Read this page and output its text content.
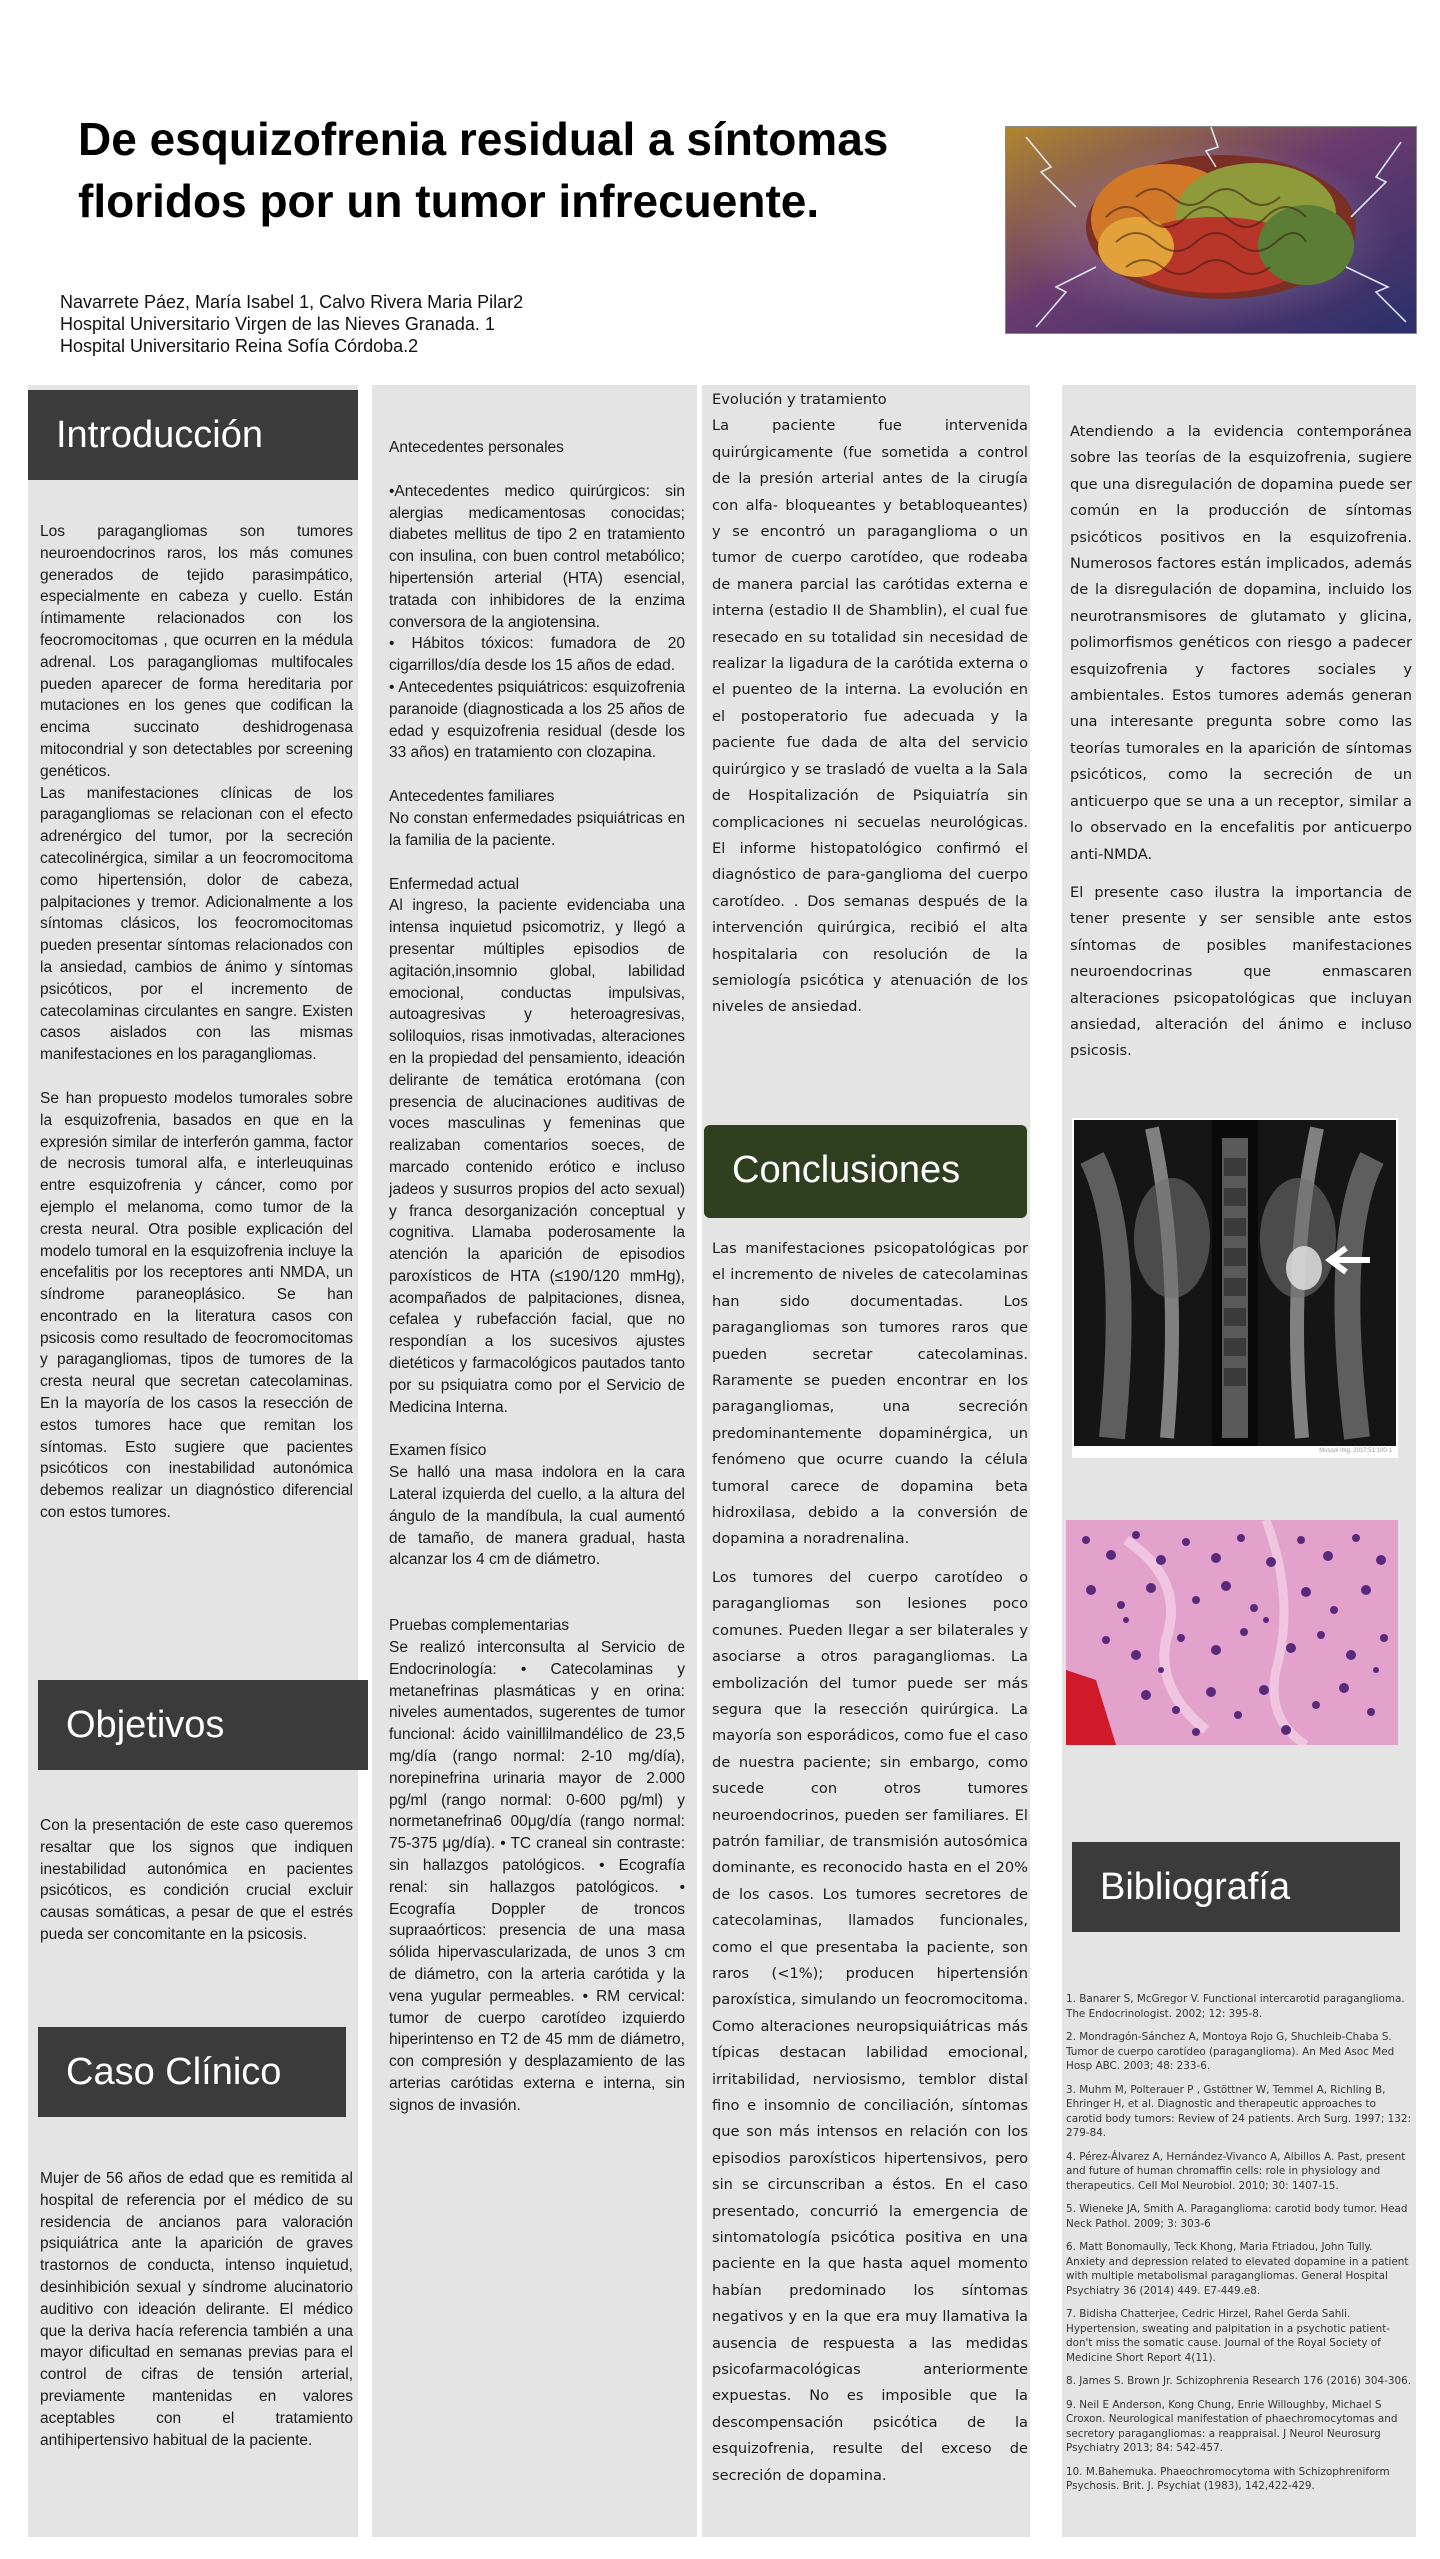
De esquizofrenia residual a síntomas
floridos por un tumor infrecuente.
Navarrete Páez, María Isabel 1, Calvo Rivera Maria Pilar2
Hospital Universitario Virgen de las Nieves Granada. 1
Hospital Universitario Reina Sofía Córdoba.2
Introducción

Los paragangliomas son tumores neuroendocrinos raros, los más comunes generados de tejido parasimpático, especialmente en cabeza y cuello. Están íntimamente relacionados con los feocromocitomas , que ocurren en la médula adrenal. Los paragangliomas multifocales pueden aparecer de forma hereditaria por mutaciones en los genes que codifican la encima succinato deshidrogenasa mitocondrial y son detectables por screening genéticos.

Las manifestaciones clínicas de los paragangliomas se relacionan con el efecto adrenérgico del tumor, por la secreción catecolinérgica, similar a un feocromocitoma como hipertensión, dolor de cabeza, palpitaciones y tremor. Adicionalmente a los síntomas clásicos, los feocromocitomas pueden presentar síntomas relacionados con la ansiedad, cambios de ánimo y síntomas psicóticos, por el incremento de catecolaminas circulantes en sangre. Existen casos aislados con las mismas manifestaciones en los paragangliomas.

Se han propuesto modelos tumorales sobre la esquizofrenia, basados en que en la expresión similar de interferón gamma, factor de necrosis tumoral alfa, e interleuquinas entre esquizofrenia y cáncer, como por ejemplo el melanoma, como tumor de la cresta neural. Otra posible explicación del modelo tumoral en la esquizofrenia incluye la encefalitis por los receptores anti NMDA, un síndrome paraneoplásico. Se han encontrado en la literatura casos con psicosis como resultado de feocromocitomas y paragangliomas, tipos de tumores de la cresta neural que secretan catecolaminas. En la mayoría de los casos la resección de estos tumores hace que remitan los síntomas. Esto sugiere que pacientes psicóticos con inestabilidad autonómica debemos realizar un diagnóstico diferencial con estos tumores.

Objetivos

Con la presentación de este caso queremos resaltar que los signos que indiquen inestabilidad autonómica en pacientes psicóticos, es condición crucial excluir causas somáticas, a pesar de que el estrés pueda ser concomitante en la psicosis.

Caso Clínico

Mujer de 56 años de edad que es remitida al hospital de referencia por el médico de su residencia de ancianos para valoración psiquiátrica ante la aparición de graves trastornos de conducta, intenso inquietud, desinhibición sexual y síndrome alucinatorio auditivo con ideación delirante. El médico que la deriva hacía referencia también a una mayor dificultad en semanas previas para el control de cifras de tensión arterial, previamente mantenidas en valores aceptables con el tratamiento antihipertensivo habitual de la paciente.

Antecedentes personales

•Antecedentes medico quirúrgicos: sin alergias medicamentosas conocidas; diabetes mellitus de tipo 2 en tratamiento con insulina, con buen control metabólico; hipertensión arterial (HTA) esencial, tratada con inhibidores de la enzima conversora de la angiotensina.

• Hábitos tóxicos: fumadora de 20 cigarrillos/día desde los 15 años de edad.

• Antecedentes psiquiátricos: esquizofrenia paranoide (diagnosticada a los 25 años de edad y esquizofrenia residual (desde los 33 años) en tratamiento con clozapina.

Antecedentes familiares

No constan enfermedades psiquiátricas en la familia de la paciente.

Enfermedad actual

Al ingreso, la paciente evidenciaba una intensa inquietud psicomotriz, y llegó a presentar múltiples episodios de agitación,insomnio global, labilidad emocional, conductas impulsivas, autoagresivas y heteroagresivas, soliloquios, risas inmotivadas, alteraciones en la propiedad del pensamiento, ideación delirante de temática erotómana (con presencia de alucinaciones auditivas de voces masculinas y femeninas que realizaban comentarios soeces, de marcado contenido erótico e incluso jadeos y susurros propios del acto sexual) y franca desorganización conceptual y cognitiva. Llamaba poderosamente la atención la aparición de episodios paroxísticos de HTA (≤190/120 mmHg), acompañados de palpitaciones, disnea, cefalea y rubefacción facial, que no respondían a los sucesivos ajustes dietéticos y farmacológicos pautados tanto por su psiquiatra como por el Servicio de Medicina Interna.

Examen físico

Se halló una masa indolora en la cara Lateral izquierda del cuello, a la altura del ángulo de la mandíbula, la cual aumentó de tamaño, de manera gradual, hasta alcanzar los 4 cm de diámetro.

Pruebas complementarias

Se realizó interconsulta al Servicio de Endocrinología: • Catecolaminas y metanefrinas plasmáticas y en orina: niveles aumentados, sugerentes de tumor funcional: ácido vainillilmandélico de 23,5 mg/día (rango normal: 2-10 mg/día), norepinefrina urinaria mayor de 2.000 pg/ml (rango normal: 0-600 pg/ml) y normetanefrina6 00μg/día (rango normal: 75-375 μg/día). • TC craneal sin contraste: sin hallazgos patológicos. • Ecografía renal: sin hallazgos patológicos. • Ecografía Doppler de troncos supraaórticos: presencia de una masa sólida hipervascularizada, de unos 3 cm de diámetro, con la arteria carótida y la vena yugular permeables. • RM cervical: tumor de cuerpo carotídeo izquierdo hiperintenso en T2 de 45 mm de diámetro, con compresión y desplazamiento de las arterias carótidas externa e interna, sin signos de invasión.

Evolución y tratamiento

La paciente fue intervenida quirúrgicamente (fue sometida a control de la presión arterial antes de la cirugía con alfa- bloqueantes y betabloqueantes) y se encontró un paraganglioma o un tumor de cuerpo carotídeo, que rodeaba de manera parcial las carótidas externa e interna (estadio II de Shamblin), el cual fue resecado en su totalidad sin necesidad de realizar la ligadura de la carótida externa o el puenteo de la interna. La evolución en el postoperatorio fue adecuada y la paciente fue dada de alta del servicio quirúrgico y se trasladó de vuelta a la Sala de Hospitalización de Psiquiatría sin complicaciones ni secuelas neurológicas. El informe histopatológico confirmó el diagnóstico de para-ganglioma del cuerpo carotídeo. . Dos semanas después de la intervención quirúrgica, recibió el alta hospitalaria con resolución de la semiología psicótica y atenuación de los niveles de ansiedad.

Conclusiones

Las manifestaciones psicopatológicas por el incremento de niveles de catecolaminas han sido documentadas. Los paragangliomas son tumores raros que pueden secretar catecolaminas. Raramente se pueden encontrar en los paragangliomas, una secreción predominantemente dopaminérgica, un fenómeno que ocurre cuando la célula tumoral carece de dopamina beta hidroxilasa, debido a la conversión de dopamina a noradrenalina.

Los tumores del cuerpo carotídeo o paragangliomas son lesiones poco comunes. Pueden llegar a ser bilaterales y asociarse a otros paragangliomas. La embolización del tumor puede ser más segura que la resección quirúrgica. La mayoría son esporádicos, como fue el caso de nuestra paciente; sin embargo, como sucede con otros tumores neuroendocrinos, pueden ser familiares. El patrón familiar, de transmisión autosómica dominante, es reconocido hasta en el 20% de los casos. Los tumores secretores de catecolaminas, llamados funcionales, como el que presentaba la paciente, son raros (<1%); producen hipertensión paroxística, simulando un feocromocitoma. Como alteraciones neuropsiquiátricas más típicas destacan labilidad emocional, irritabilidad, nerviosismo, temblor distal fino e insomnio de conciliación, síntomas que son más intensos en relación con los episodios paroxísticos hipertensivos, pero sin se circunscriban a éstos. En el caso presentado, concurrió la emergencia de sintomatología psicótica positiva en una paciente en la que hasta aquel momento habían predominado los síntomas negativos y en la que era muy llamativa la ausencia de respuesta a las medidas psicofarmacológicas anteriormente expuestas. No es imposible que la descompensación psicótica de la esquizofrenia, resulte del exceso de secreción de dopamina.

Atendiendo a la evidencia contemporánea sobre las teorías de la esquizofrenia, sugiere que una disregulación de dopamina puede ser común en la producción de síntomas psicóticos positivos en la esquizofrenia. Numerosos factores están implicados, además de la disregulación de dopamina, incluido los neurotransmisores de glutamato y glicina, polimorfismos genéticos con riesgo a padecer esquizofrenia y factores sociales y ambientales. Estos tumores además generan una interesante pregunta sobre como las teorías tumorales en la aparición de síntomas psicóticos, como la secreción de un anticuerpo que se una a un receptor, similar a lo observado en la encefalitis por anticuerpo anti-NMDA.

El presente caso ilustra la importancia de tener presente y ser sensible ante estos síntomas de posibles manifestaciones neuroendocrinas que enmascaren alteraciones psicopatológicas que incluyan ansiedad, alteración del ánimo e incluso psicosis.

Mussol Img. 2017;51:100-1
Bibliografía
1. Banarer S, McGregor V. Functional intercarotid paraganglioma. The Endocrinologist. 2002; 12: 395-8.
2. Mondragón-Sánchez A, Montoya Rojo G, Shuchleib-Chaba S. Tumor de cuerpo carotídeo (paraganglioma). An Med Asoc Med Hosp ABC. 2003; 48: 233-6.
3. Muhm M, Polterauer P , Gstöttner W, Temmel A, Richling B, Ehringer H, et al. Diagnostic and therapeutic approaches to carotid body tumors: Review of 24 patients. Arch Surg. 1997; 132: 279-84.
4. Pérez-Álvarez A, Hernández-Vivanco A, Albillos A. Past, present and future of human chromaffin cells: role in physiology and therapeutics. Cell Mol Neurobiol. 2010; 30: 1407-15.
5. Wieneke JA, Smith A. Paraganglioma: carotid body tumor. Head Neck Pathol. 2009; 3: 303-6
6. Matt Bonomaully, Teck Khong, Maria Ftriadou, John Tully. Anxiety and depression related to elevated dopamine in a patient with multiple metabolismal paragangliomas. General Hospital Psychiatry 36 (2014) 449. E7-449.e8.
7. Bidisha Chatterjee, Cedric Hirzel, Rahel Gerda Sahli. Hypertension, sweating and palpitation in a psychotic patient- don't miss the somatic cause. Journal of the Royal Society of Medicine Short Report 4(11).
8. James S. Brown Jr. Schizophrenia Research 176 (2016) 304-306.
9. Neil E Anderson, Kong Chung, Enrie Willoughby, Michael S Croxon. Neurological manifestation of phaechromocytomas and secretory paragangliomas: a reappraisal. J Neurol Neurosurg Psychiatry 2013; 84: 542-457.
10. M.Bahemuka. Phaeochromocytoma with Schizophreniform Psychosis. Brit. J. Psychiat (1983), 142,422-429.
